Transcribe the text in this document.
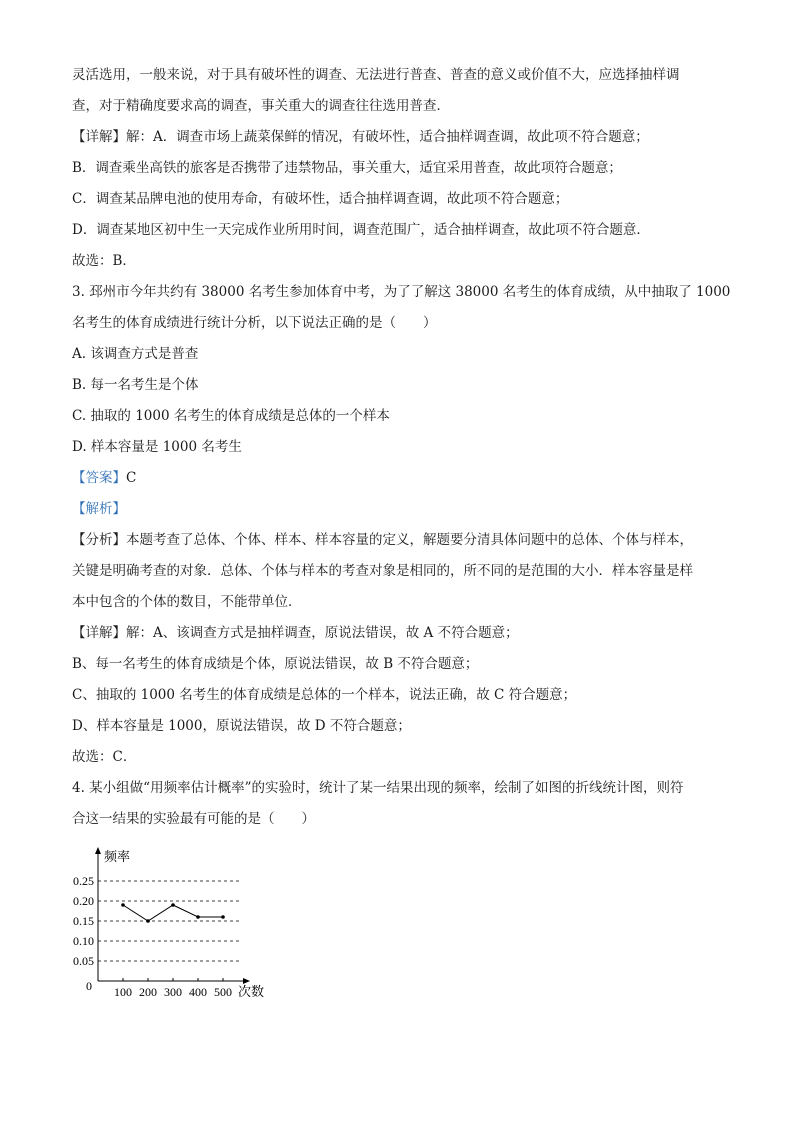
灵活选用，一般来说，对于具有破坏性的调查、无法进行普查、普查的意义或价值不大，应选择抽样调
查，对于精确度要求高的调查，事关重大的调查往往选用普查．
【详解】解：A．调查市场上蔬菜保鲜的情况，有破坏性，适合抽样调查调，故此项不符合题意；
B．调查乘坐高铁的旅客是否携带了违禁物品，事关重大，适宜采用普查，故此项符合题意；
C．调查某品牌电池的使用寿命，有破坏性，适合抽样调查调，故此项不符合题意；
D．调查某地区初中生一天完成作业所用时间，调查范围广，适合抽样调查，故此项不符合题意．
故选：B．
3. 邳州市今年共约有 38000 名考生参加体育中考，为了了解这 38000 名考生的体育成绩，从中抽取了 1000
名考生的体育成绩进行统计分析，以下说法正确的是（　　）
A. 该调查方式是普查
B. 每一名考生是个体
C. 抽取的 1000 名考生的体育成绩是总体的一个样本
D. 样本容量是 1000 名考生
【答案】C
【解析】
【分析】本题考查了总体、个体、样本、样本容量的定义，解题要分清具体问题中的总体、个体与样本，
关键是明确考查的对象．总体、个体与样本的考查对象是相同的，所不同的是范围的大小．样本容量是样
本中包含的个体的数目，不能带单位．
【详解】解：A、该调查方式是抽样调查，原说法错误，故 A 不符合题意；
B、每一名考生的体育成绩是个体，原说法错误，故 B 不符合题意；
C、抽取的 1000 名考生的体育成绩是总体的一个样本，说法正确，故 C 符合题意；
D、样本容量是 1000，原说法错误，故 D 不符合题意；
故选：C．
4. 某小组做“用频率估计概率”的实验时，统计了某一结果出现的频率，绘制了如图的折线统计图，则符
合这一结果的实验最有可能的是（　　）
频率
次数
0
0.25
0.20
0.15
0.10
0.05
100 200 300 400 500
